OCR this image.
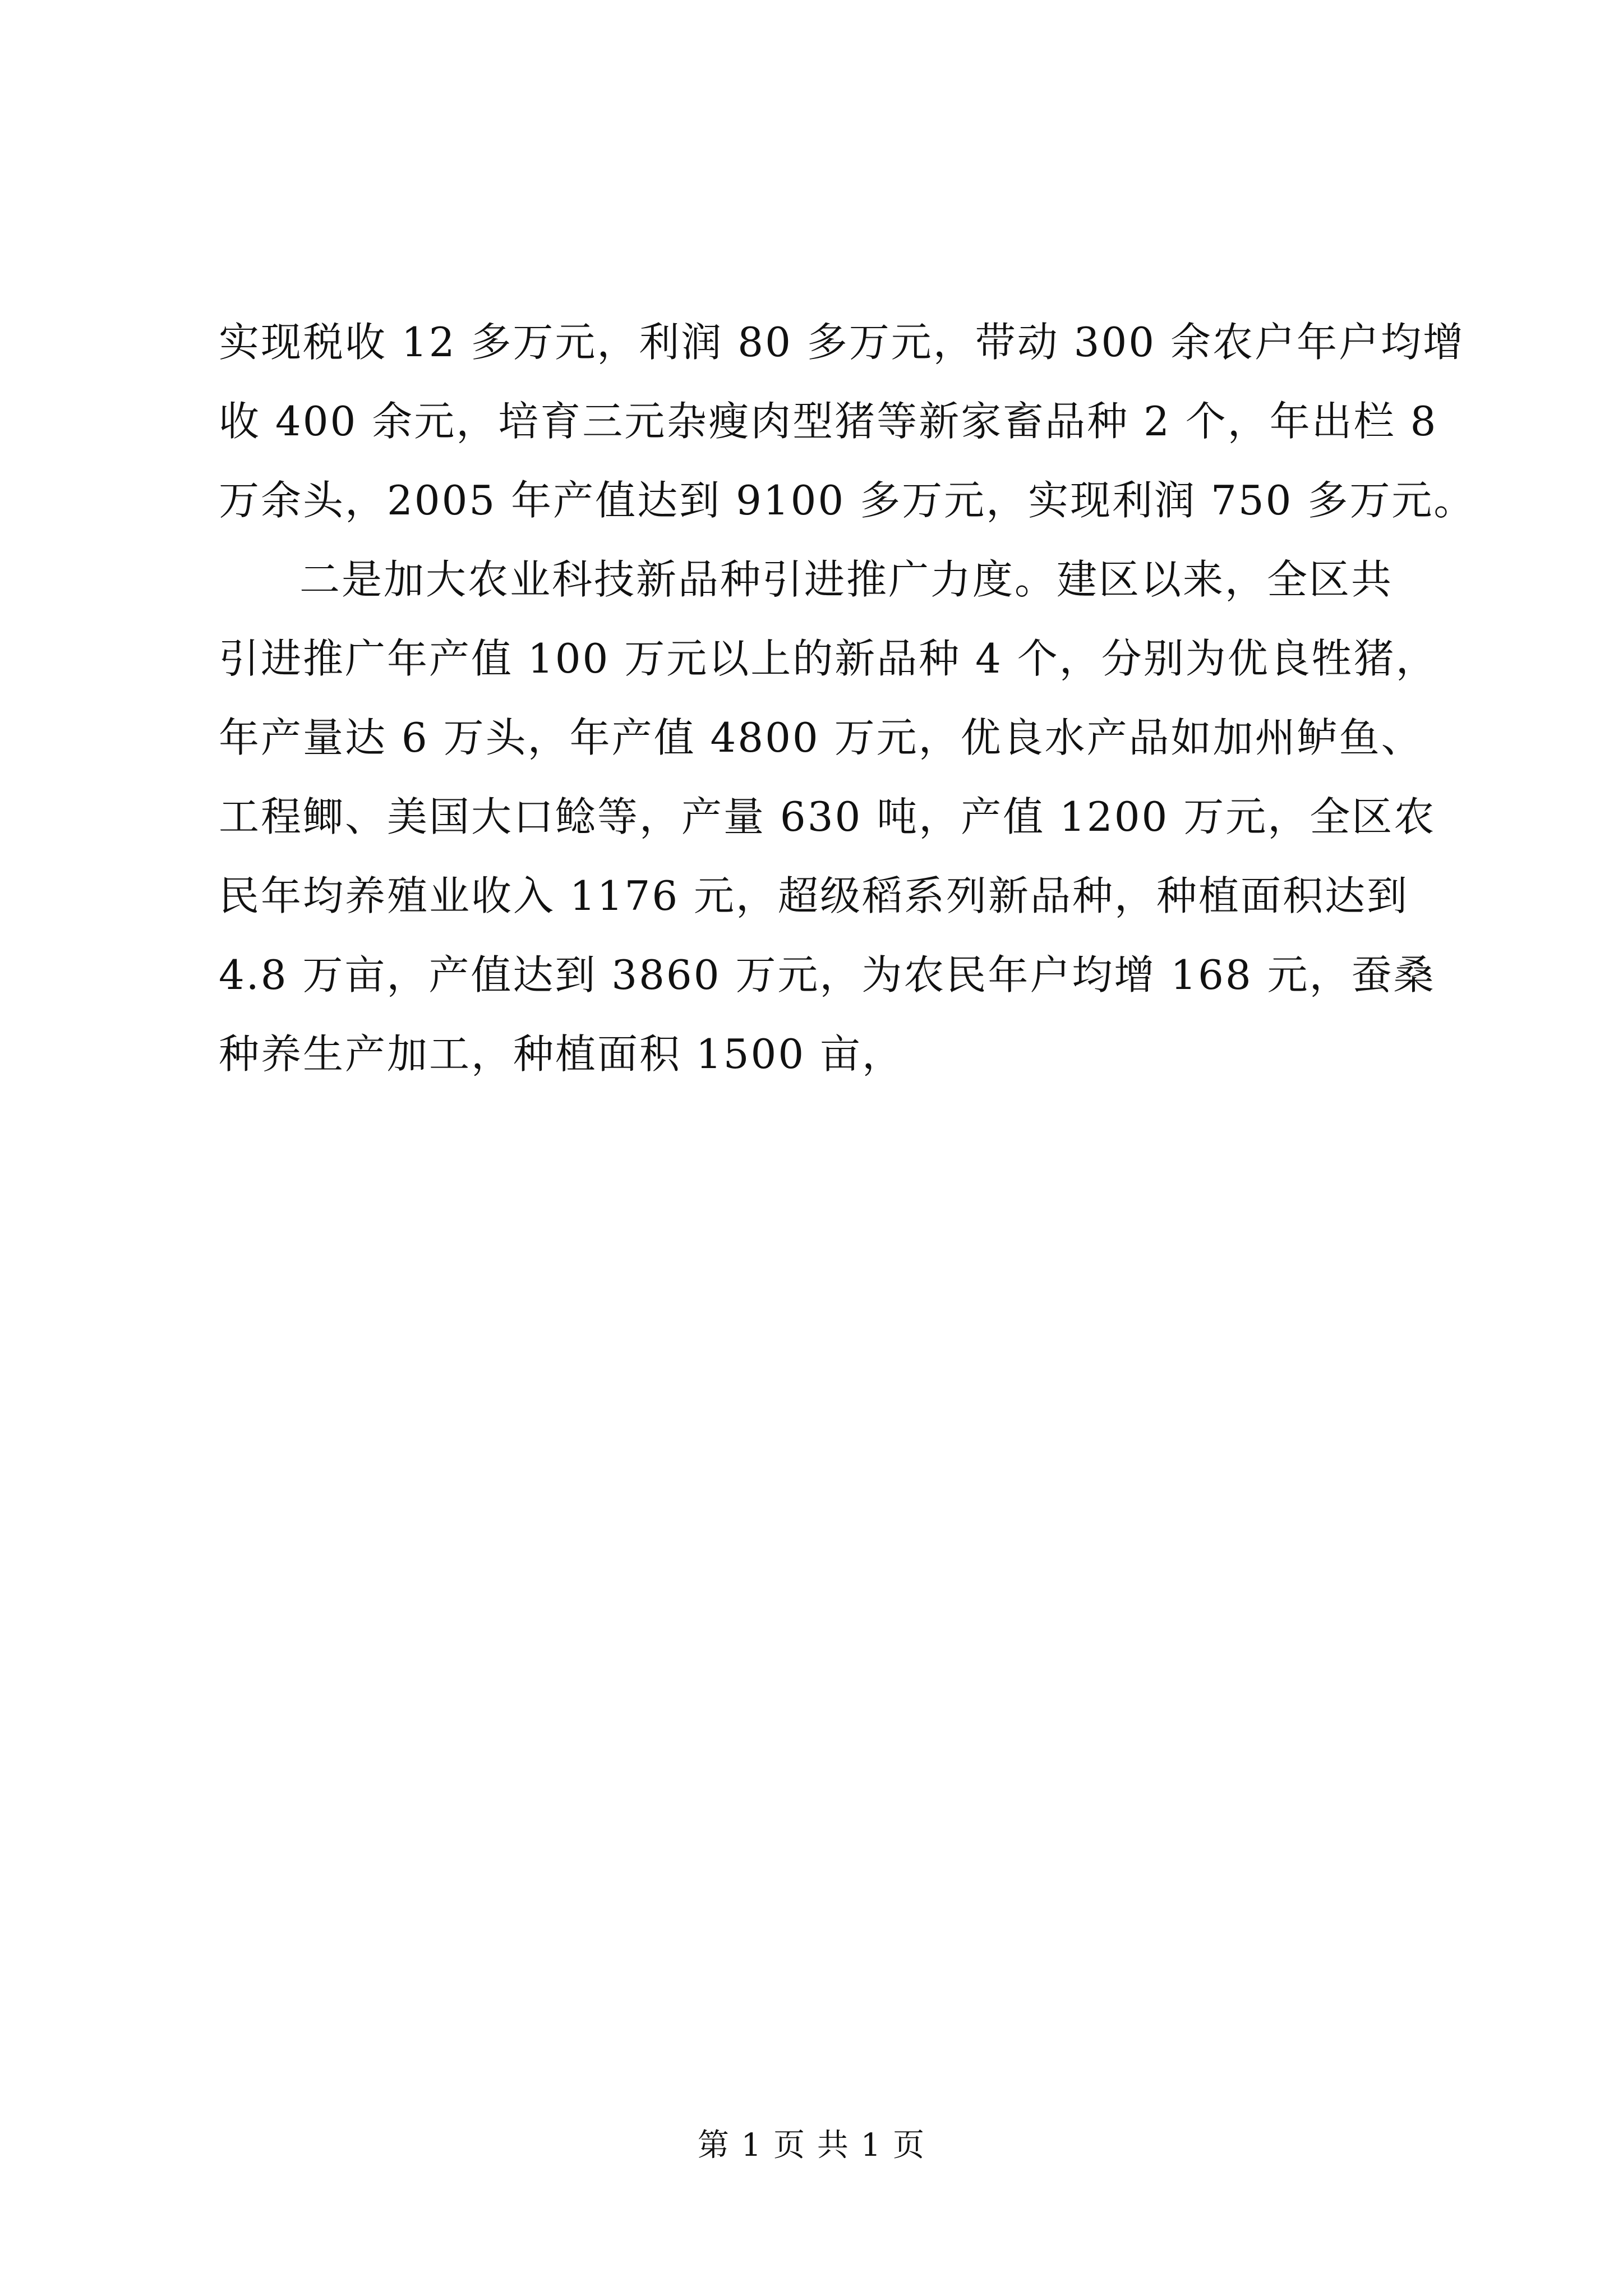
实现税收 12 多万元，利润 80 多万元，带动 300 余农户年户均增
收 400 余元，培育三元杂瘦肉型猪等新家畜品种 2 个，年出栏 8
万余头，2005 年产值达到 9100 多万元，实现利润 750 多万元。
二是加大农业科技新品种引进推广力度。建区以来，全区共
引进推广年产值 100 万元以上的新品种 4 个，分别为优良牲猪，
年产量达 6 万头，年产值 4800 万元，优良水产品如加州鲈鱼、
工程鲫、美国大口鲶等，产量 630 吨，产值 1200 万元，全区农
民年均养殖业收入 1176 元，超级稻系列新品种，种植面积达到
4.8 万亩，产值达到 3860 万元，为农民年户均增 168 元，蚕桑
种养生产加工，种植面积 1500 亩，
第 1 页 共 1 页
